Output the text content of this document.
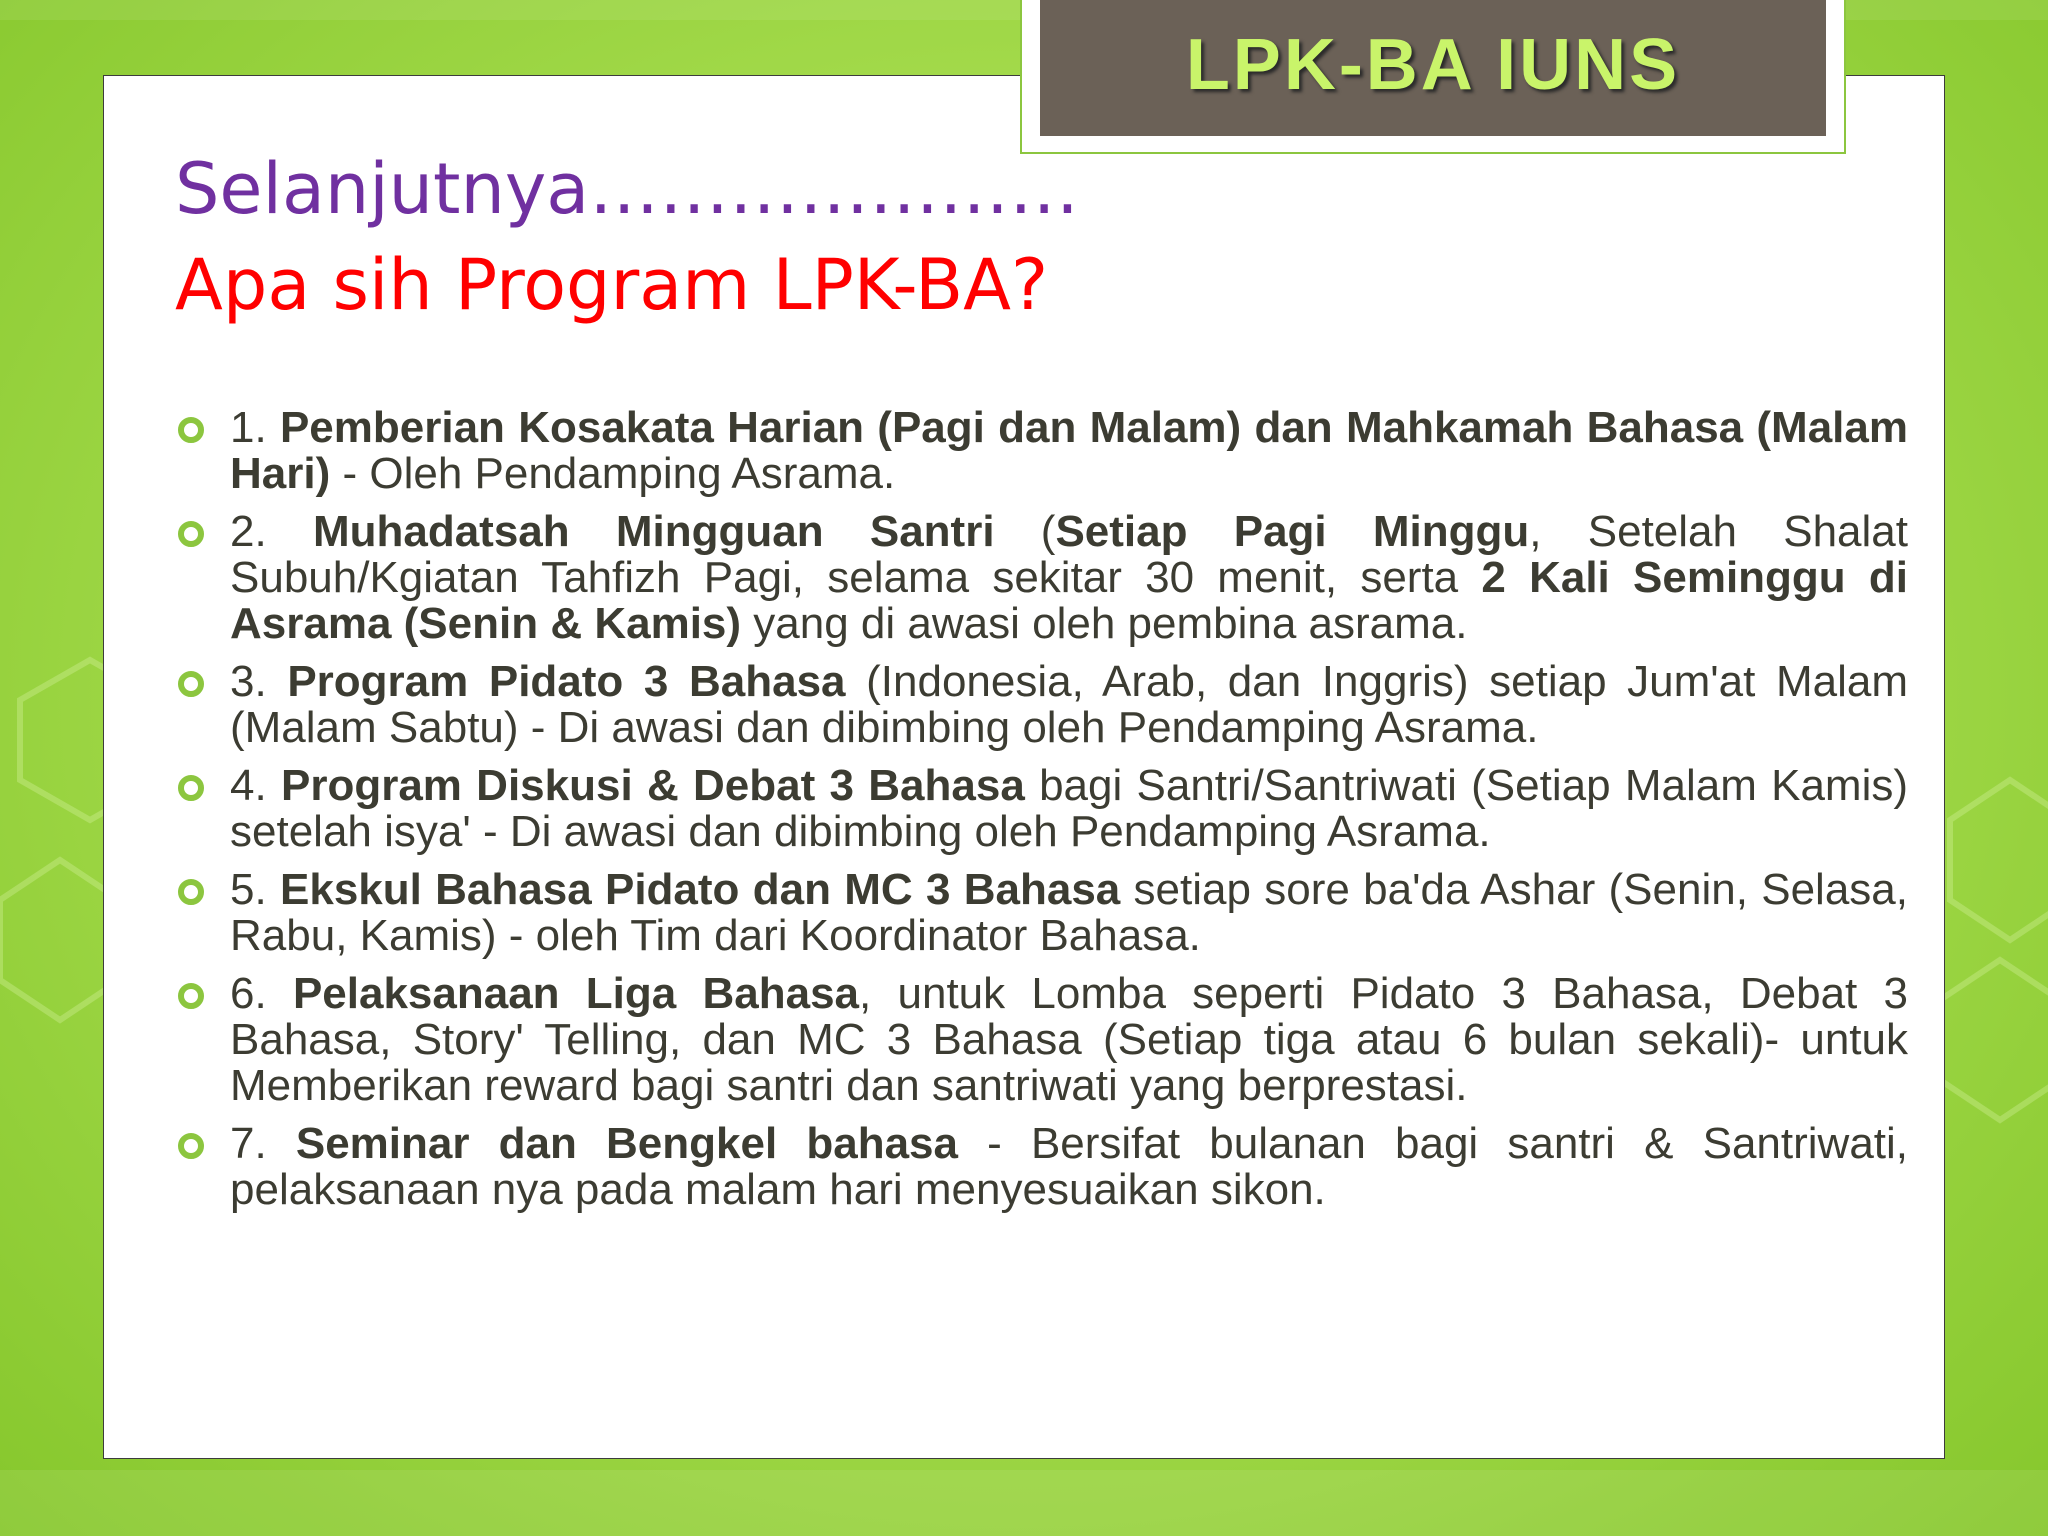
LPK-BA IUNS
Selanjutnya…………………
Apa sih Program LPK-BA?
1. Pemberian Kosakata Harian (Pagi dan Malam) dan Mahkamah Bahasa (Malam Hari) - Oleh Pendamping Asrama.
2. Muhadatsah Mingguan Santri (Setiap Pagi Minggu, Setelah Shalat Subuh/Kgiatan Tahfizh Pagi, selama sekitar 30 menit, serta 2 Kali Seminggu di Asrama (Senin & Kamis) yang di awasi oleh pembina asrama.
3. Program Pidato 3 Bahasa (Indonesia, Arab, dan Inggris) setiap Jum'at Malam (Malam Sabtu) - Di awasi dan dibimbing oleh Pendamping Asrama.
4. Program Diskusi & Debat 3 Bahasa bagi Santri/Santriwati (Setiap Malam Kamis) setelah isya' - Di awasi dan dibimbing oleh Pendamping Asrama.
5. Ekskul Bahasa Pidato dan MC 3 Bahasa setiap sore ba'da Ashar (Senin, Selasa, Rabu, Kamis) - oleh Tim dari Koordinator Bahasa.
6. Pelaksanaan Liga Bahasa, untuk Lomba seperti Pidato 3 Bahasa, Debat 3 Bahasa, Story' Telling, dan MC 3 Bahasa (Setiap tiga atau 6 bulan sekali)- untuk Memberikan reward bagi santri dan santriwati yang berprestasi.
7. Seminar dan Bengkel bahasa - Bersifat bulanan bagi santri & Santriwati, pelaksanaan nya pada malam hari menyesuaikan sikon.
